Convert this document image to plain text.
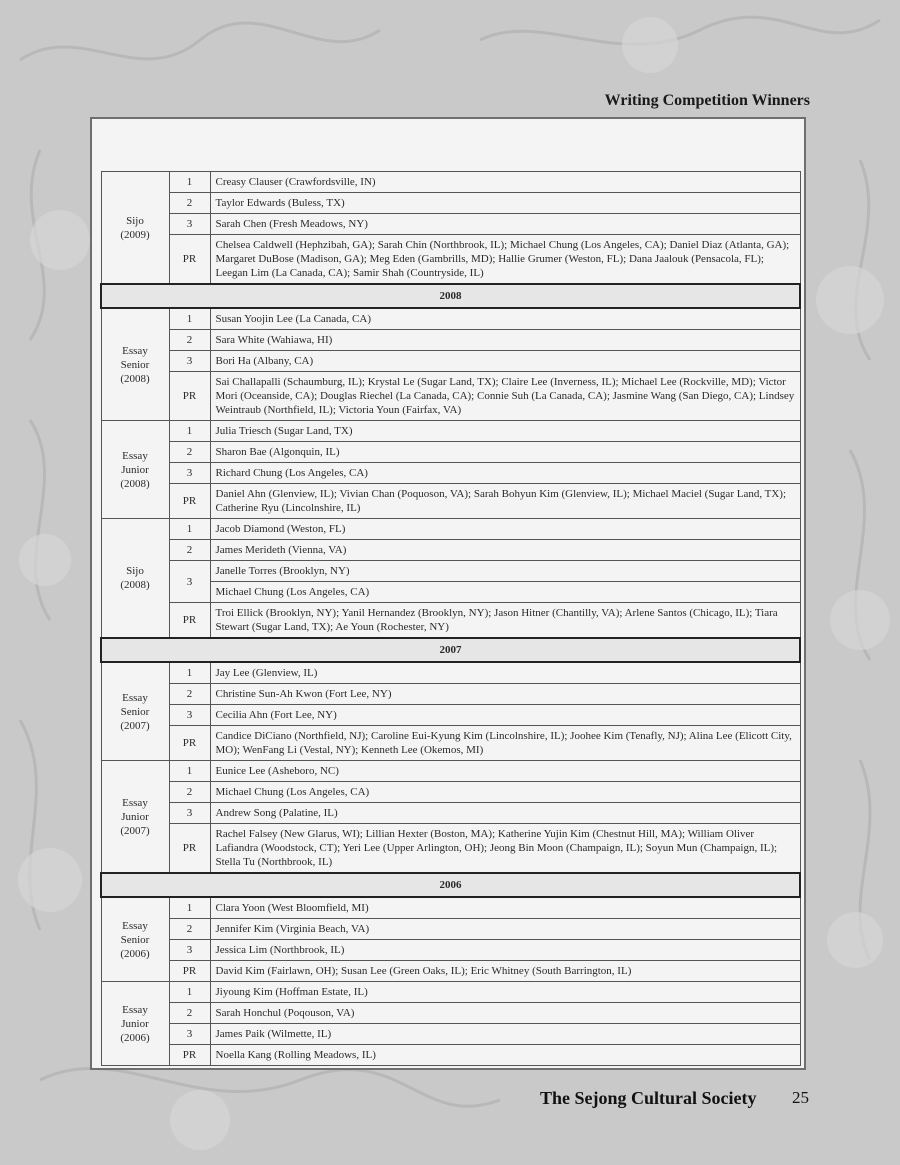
Writing Competition Winners
Sijo
(2009)	1	Creasy Clauser (Crawfordsville, IN)
	2	Taylor Edwards (Buless, TX)
	3	Sarah Chen (Fresh Meadows, NY)
	PR	Chelsea Caldwell (Hephzibah, GA); Sarah Chin (Northbrook, IL); Michael Chung (Los Angeles, CA); Daniel Diaz (Atlanta, GA); Margaret DuBose (Madison, GA); Meg Eden (Gambrills, MD); Hallie Grumer (Weston, FL); Dana Jaalouk (Pensacola, FL); Leegan Lim (La Canada, CA); Samir Shah (Countryside, IL)
2008		
Essay
Senior
(2008)	1	Susan Yoojin Lee (La Canada, CA)
	2	Sara White (Wahiawa, HI)
	3	Bori Ha (Albany, CA)
	PR	Sai Challapalli (Schaumburg, IL); Krystal Le (Sugar Land, TX); Claire Lee (Inverness, IL); Michael Lee (Rockville, MD); Victor Mori (Oceanside, CA); Douglas Riechel (La Canada, CA); Connie Suh (La Canada, CA); Jasmine Wang (San Diego, CA); Lindsey Weintraub (Northfield, IL); Victoria Youn (Fairfax, VA)
Essay
Junior
(2008)	1	Julia Triesch (Sugar Land, TX)
	2	Sharon Bae (Algonquin, IL)
	3	Richard Chung (Los Angeles, CA)
	PR	Daniel Ahn (Glenview, IL); Vivian Chan (Poquoson, VA); Sarah Bohyun Kim (Glenview, IL); Michael Maciel (Sugar Land, TX); Catherine Ryu (Lincolnshire, IL)
Sijo
(2008)	1	Jacob Diamond (Weston, FL)
	2	James Merideth (Vienna, VA)
	3	Janelle Torres (Brooklyn, NY)
		Michael Chung (Los Angeles, CA)
	PR	Troi Ellick (Brooklyn, NY); Yanil Hernandez (Brooklyn, NY); Jason Hitner (Chantilly, VA); Arlene Santos (Chicago, IL); Tiara Stewart (Sugar Land, TX); Ae Youn (Rochester, NY)
2007		
Essay
Senior
(2007)	1	Jay Lee (Glenview, IL)
	2	Christine Sun-Ah Kwon (Fort Lee, NY)
	3	Cecilia Ahn (Fort Lee, NY)
	PR	Candice DiCiano (Northfield, NJ); Caroline Eui-Kyung Kim (Lincolnshire, IL); Joohee Kim (Tenafly, NJ); Alina Lee (Elicott City, MO); WenFang Li (Vestal, NY); Kenneth Lee (Okemos, MI)
Essay
Junior
(2007)	1	Eunice Lee (Asheboro, NC)
	2	Michael Chung (Los Angeles, CA)
	3	Andrew Song (Palatine, IL)
	PR	Rachel Falsey (New Glarus, WI); Lillian Hexter (Boston, MA); Katherine Yujin Kim (Chestnut Hill, MA); William Oliver Lafiandra (Woodstock, CT); Yeri Lee (Upper Arlington, OH); Jeong Bin Moon (Champaign, IL); Soyun Mun (Champaign, IL); Stella Tu (Northbrook, IL)
2006		
Essay
Senior
(2006)	1	Clara Yoon (West Bloomfield, MI)
	2	Jennifer Kim (Virginia Beach, VA)
	3	Jessica Lim (Northbrook, IL)
	PR	David Kim (Fairlawn, OH); Susan Lee (Green Oaks, IL); Eric Whitney (South Barrington, IL)
Essay
Junior
(2006)	1	Jiyoung Kim (Hoffman Estate, IL)
	2	Sarah Honchul (Poqouson, VA)
	3	James Paik (Wilmette, IL)
	PR	Noella Kang (Rolling Meadows, IL)
The Sejong Cultural Society 25
